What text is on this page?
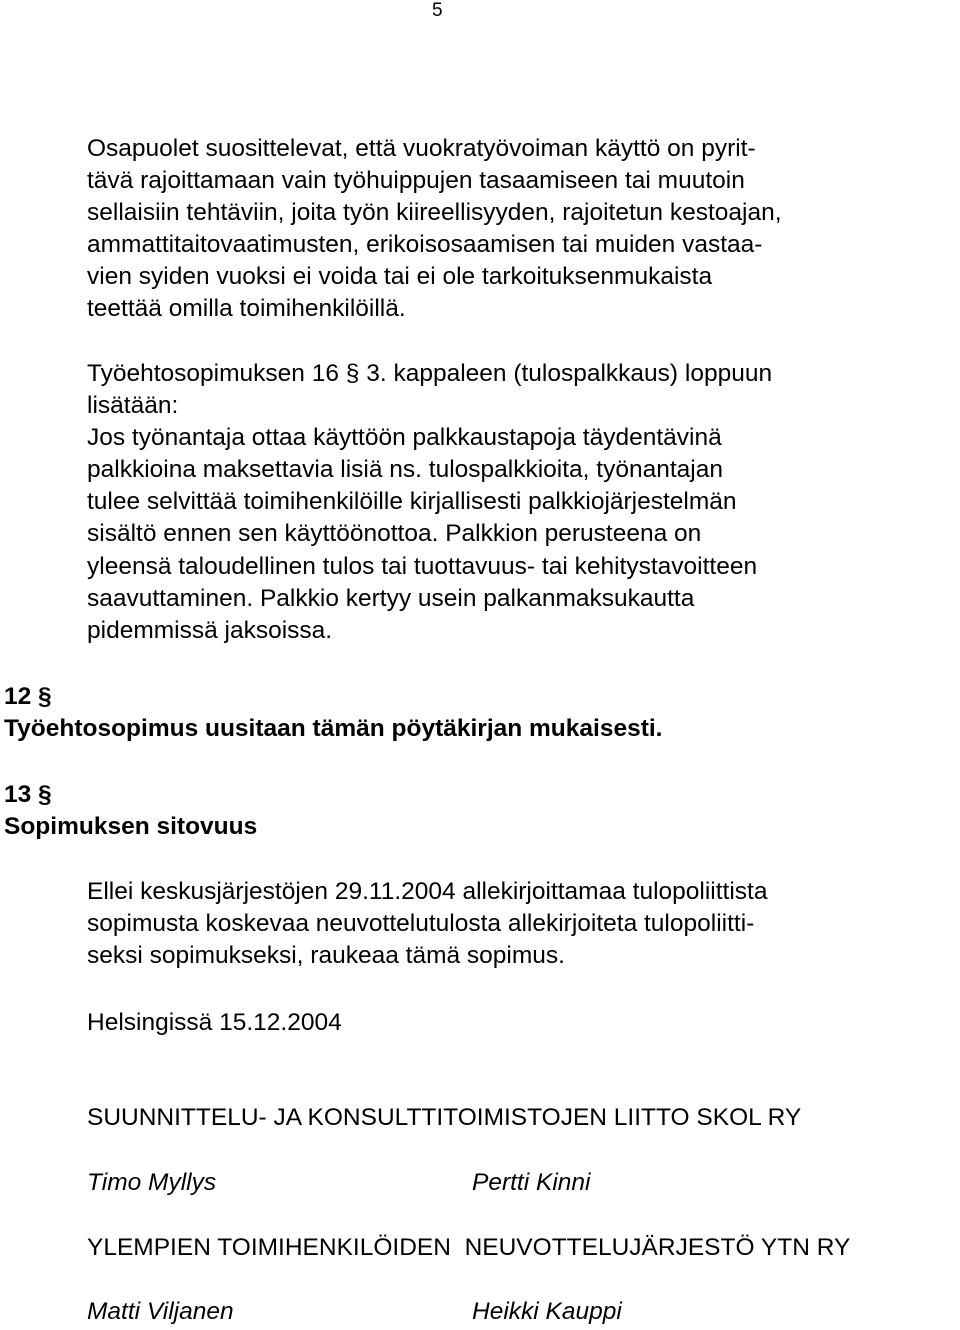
5
Osapuolet suosittelevat, että vuokratyövoiman käyttö on pyrit-
tävä rajoittamaan vain työhuippujen tasaamiseen tai muutoin
sellaisiin tehtäviin, joita työn kiireellisyyden, rajoitetun kestoajan,
ammattitaitovaatimusten, erikoisosaamisen tai muiden vastaa-
vien syiden vuoksi ei voida tai ei ole tarkoituksenmukaista
teettää omilla toimihenkilöillä.
Työehtosopimuksen 16 § 3. kappaleen (tulospalkkaus) loppuun
lisätään:
Jos työnantaja ottaa käyttöön palkkaustapoja täydentävinä
palkkioina maksettavia lisiä ns. tulospalkkioita, työnantajan
tulee selvittää toimihenkilöille kirjallisesti palkkiojärjestelmän
sisältö ennen sen käyttöönottoa. Palkkion perusteena on
yleensä taloudellinen tulos tai tuottavuus- tai kehitystavoitteen
saavuttaminen. Palkkio kertyy usein palkanmaksukautta
pidemmissä jaksoissa.
12 §
Työehtosopimus uusitaan tämän pöytäkirjan mukaisesti.
13 §
Sopimuksen sitovuus
Ellei keskusjärjestöjen 29.11.2004 allekirjoittamaa tulopoliittista
sopimusta koskevaa neuvottelutulosta allekirjoiteta tulopoliitti-
seksi sopimukseksi, raukeaa tämä sopimus.
Helsingissä 15.12.2004
SUUNNITTELU- JA KONSULTTITOIMISTOJEN LIITTO SKOL RY
Timo Myllys	Pertti Kinni
YLEMPIEN TOIMIHENKILÖIDEN  NEUVOTTELUJÄRJESTÖ YTN RY
Matti Viljanen	Heikki Kauppi
